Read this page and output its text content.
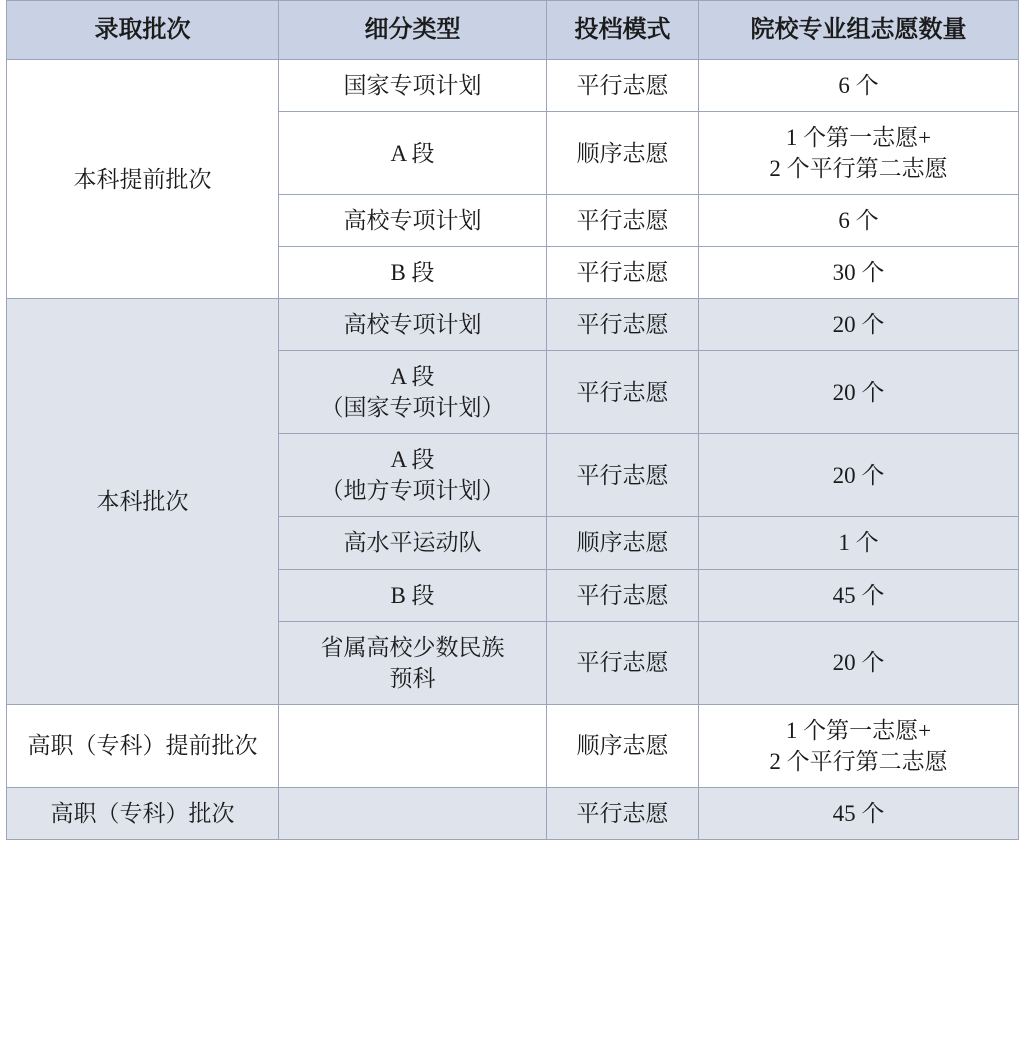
录取批次	细分类型	投档模式	院校专业组志愿数量
本科提前批次	国家专项计划	平行志愿	6 个

	A 段	顺序志愿	1 个第一志愿+
2 个平行第二志愿

	高校专项计划	平行志愿	6 个

	B 段	平行志愿	30 个

本科批次	高校专项计划	平行志愿	20 个

	A 段
（国家专项计划）	平行志愿	20 个

	A 段
（地方专项计划）	平行志愿	20 个

	高水平运动队	顺序志愿	1 个

	B 段	平行志愿	45 个

	省属高校少数民族
预科	平行志愿	20 个

高职（专科）提前批次		顺序志愿	1 个第一志愿+
2 个平行第二志愿

高职（专科）批次		平行志愿	45 个
